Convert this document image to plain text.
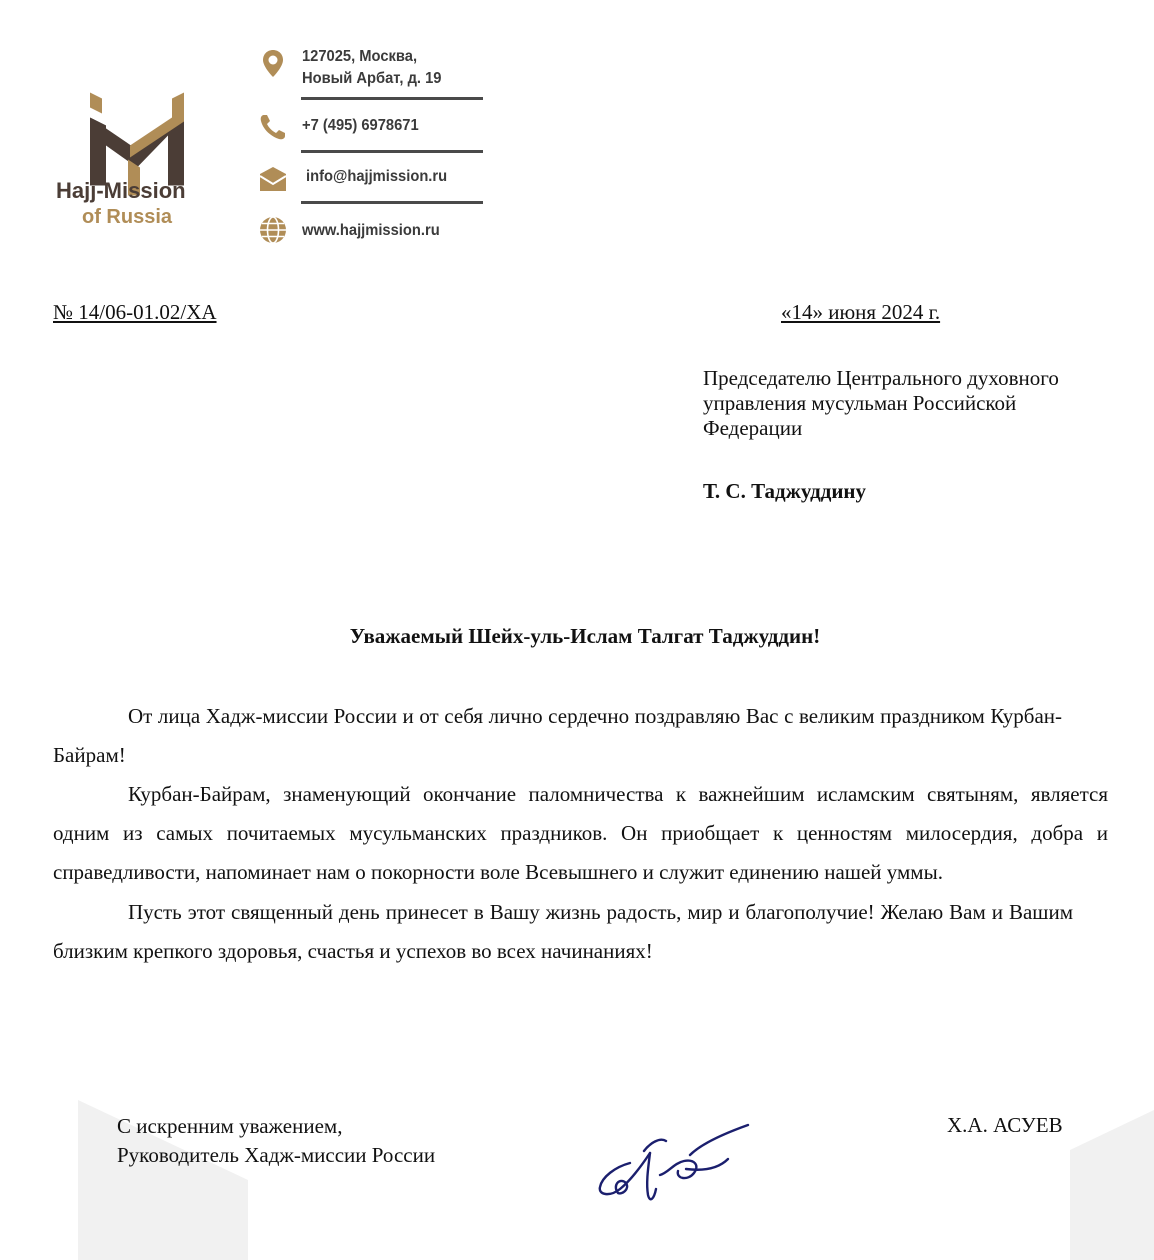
Hajj-Mission
of Russia
127025, Москва,
Новый Арбат, д. 19
+7 (495) 6978671
info@hajjmission.ru
www.hajjmission.ru
№ 14/06-01.02/ХА	«14» июня 2024 г.
Председателю Центрального духовного
управления мусульман Российской
Федерации
Т. С. Таджуддину
Уважаемый Шейх-уль-Ислам Талгат Таджуддин!
От лица Хадж-миссии России и от себя лично сердечно поздравляю Вас с великим праздником Курбан-Байрам!
Курбан-Байрам, знаменующий окончание паломничества к важнейшим исламским святыням, является одним из самых почитаемых мусульманских праздников. Он приобщает к ценностям милосердия, добра и справедливости, напоминает нам о покорности воле Всевышнего и служит единению нашей уммы.
Пусть этот священный день принесет в Вашу жизнь радость, мир и благополучие! Желаю Вам и Вашим близким крепкого здоровья, счастья и успехов во всех начинаниях!
С искренним уважением,
Руководитель Хадж-миссии России
Х.А. АСУЕВ
